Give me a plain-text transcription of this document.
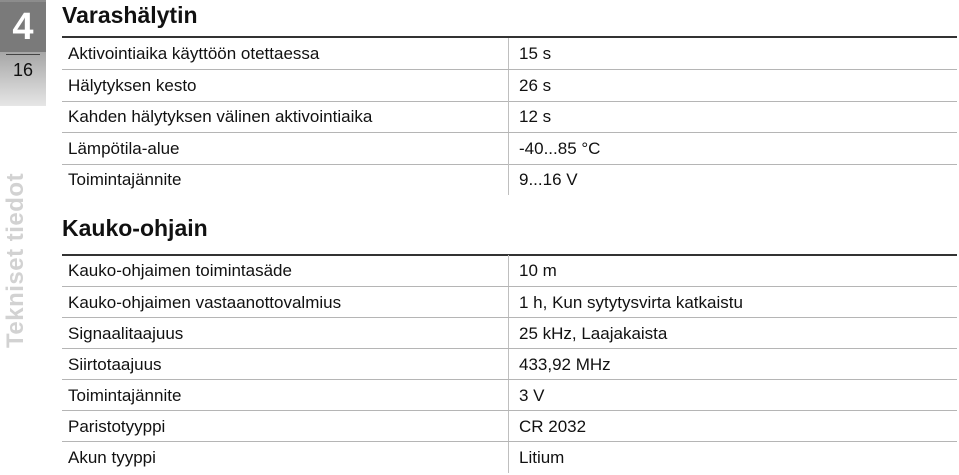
4
16
Tekniset tiedot
Varashälytin
Aktivointiaika käyttöön otettaessa	15 s
Hälytyksen kesto	26 s
Kahden hälytyksen välinen aktivointiaika	12 s
Lämpötila-alue	-40...85 °C
Toimintajännite	9...16 V
Kauko-ohjain
Kauko-ohjaimen toimintasäde	10 m
Kauko-ohjaimen vastaanottovalmius	1 h, Kun sytytysvirta katkaistu
Signaalitaajuus	25 kHz, Laajakaista
Siirtotaajuus	433,92 MHz
Toimintajännite	3 V
Paristotyyppi	CR 2032
Akun tyyppi	Litium
